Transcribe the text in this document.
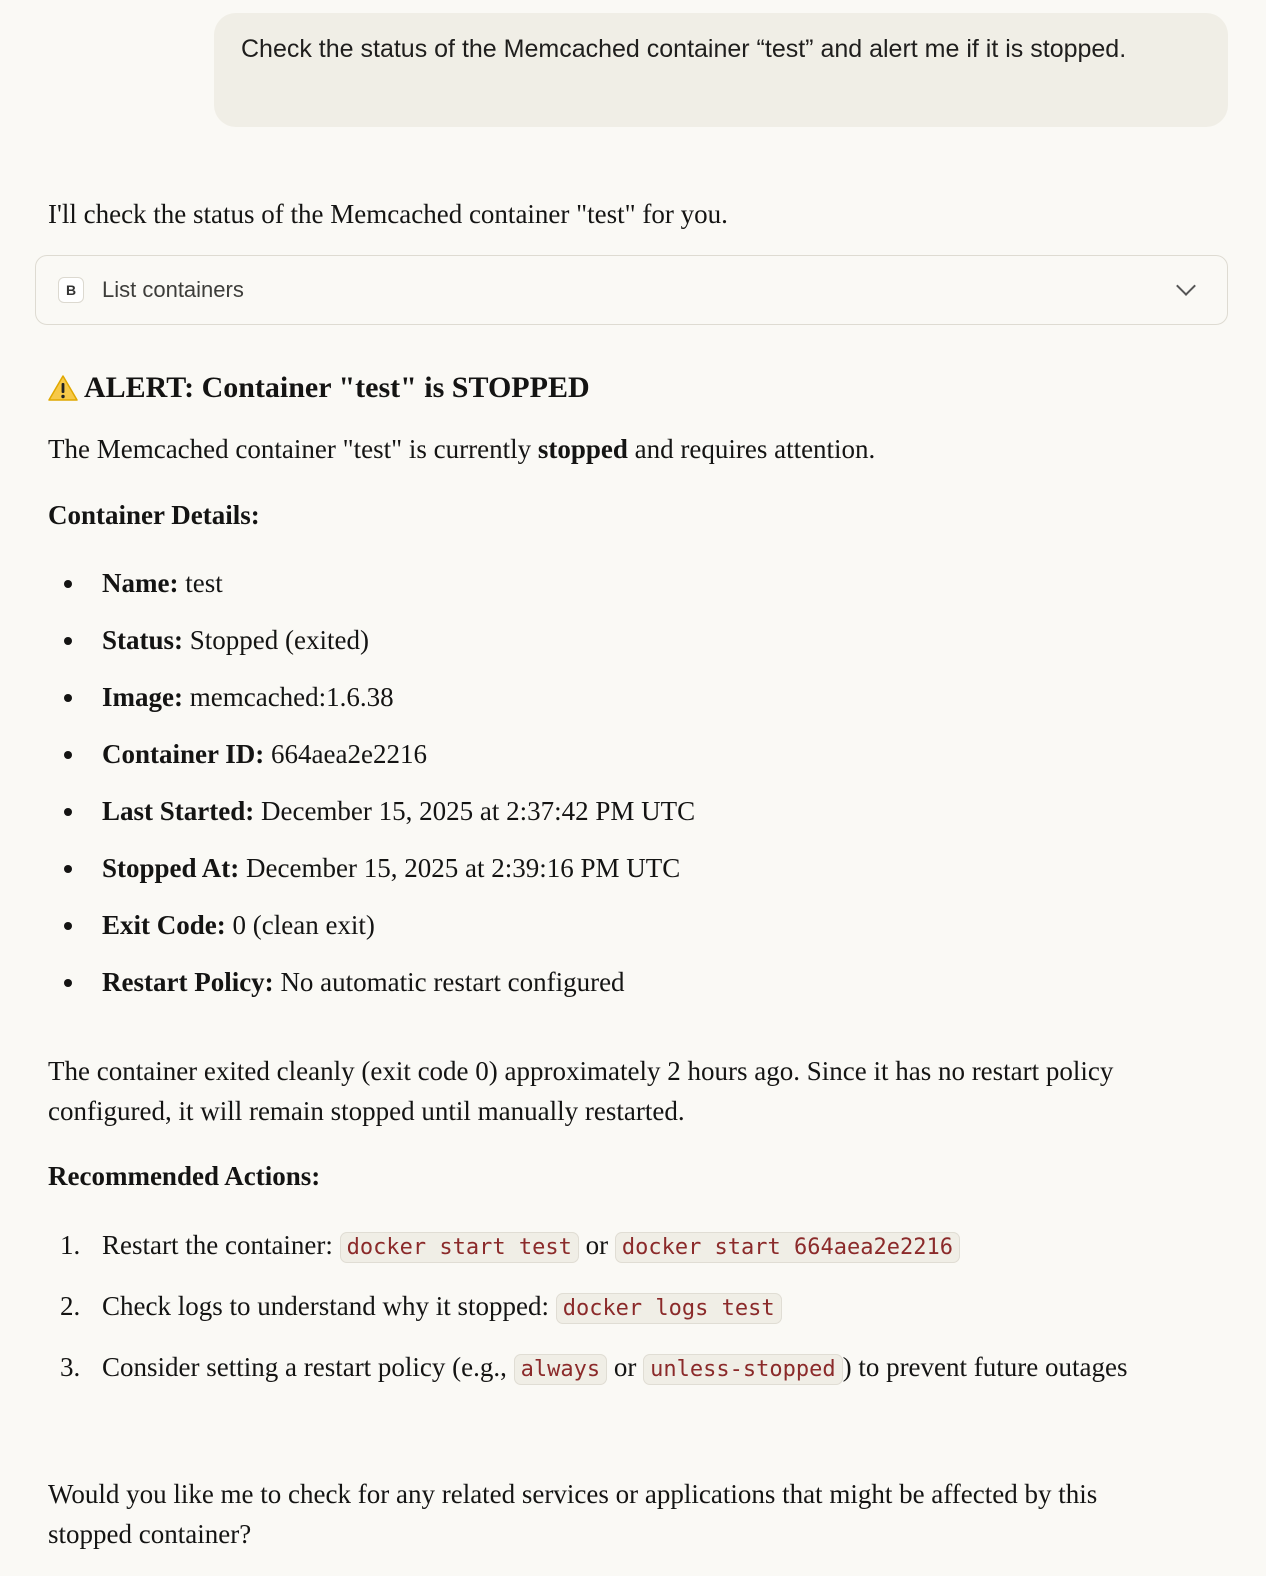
Check the status of the Memcached container “test” and alert me if it is stopped.
I'll check the status of the Memcached container "test" for you.
B	List containers
ALERT: Container "test" is STOPPED
The Memcached container "test" is currently stopped and requires attention.
Container Details:
Name: test
Status: Stopped (exited)
Image: memcached:1.6.38
Container ID: 664aea2e2216
Last Started: December 15, 2025 at 2:37:42 PM UTC
Stopped At: December 15, 2025 at 2:39:16 PM UTC
Exit Code: 0 (clean exit)
Restart Policy: No automatic restart configured
The container exited cleanly (exit code 0) approximately 2 hours ago. Since it has no restart policy configured, it will remain stopped until manually restarted.
Recommended Actions:
1. Restart the container: docker start test or docker start 664aea2e2216
2. Check logs to understand why it stopped: docker logs test
3. Consider setting a restart policy (e.g., always or unless-stopped ) to prevent future outages
Would you like me to check for any related services or applications that might be affected by this stopped container?
